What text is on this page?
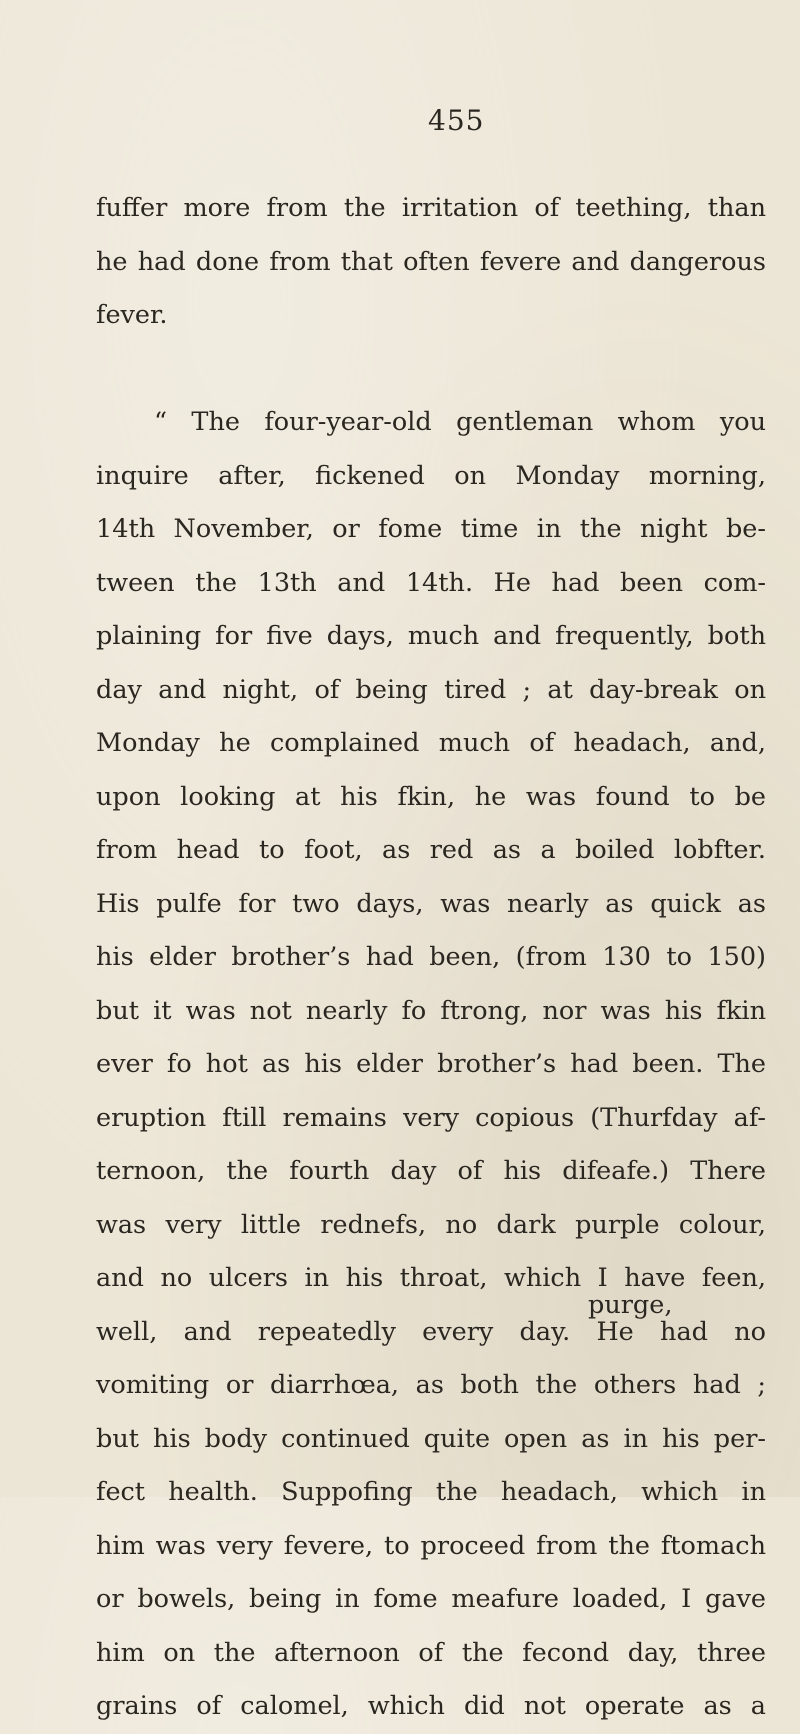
455
fuffer more from the irritation of teething, than
he had done from that often fevere and dangerous
fever.
“ The four-year-old gentleman whom you
inquire after, fickened on Monday morning,
14th November, or fome time in the night be-
tween the 13th and 14th. He had been com-
plaining for five days, much and frequently, both
day and night, of being tired ; at day-break on
Monday he complained much of headach, and,
upon looking at his fkin, he was found to be
from head to foot, as red as a boiled lobfter.
His pulfe for two days, was nearly as quick as
his elder brother’s had been, (from 130 to 150)
but it was not nearly fo ftrong, nor was his fkin
ever fo hot as his elder brother’s had been. The
eruption ftill remains very copious (Thurfday af-
ternoon, the fourth day of his difeafe.) There
was very little rednefs, no dark purple colour,
and no ulcers in his throat, which I have feen,
well, and repeatedly every day. He had no
vomiting or diarrhœa, as both the others had ;
but his body continued quite open as in his per-
fect health. Suppofing the headach, which in
him was very fevere, to proceed from the ftomach
or bowels, being in fome meafure loaded, I gave
him on the afternoon of the fecond day, three
grains of calomel, which did not operate as a
purge,
